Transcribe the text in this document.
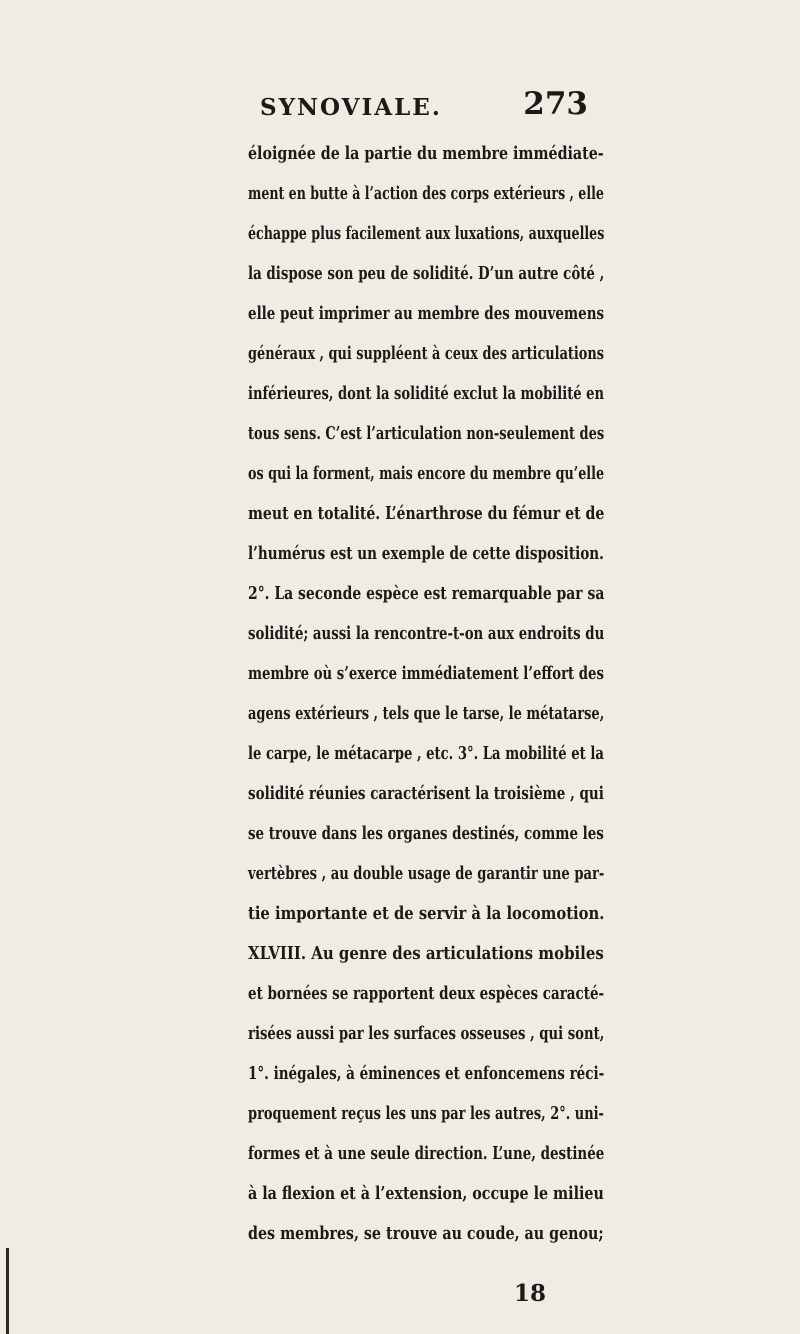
SYNOVIALE.	273
éloignée de la partie du membre immédiate-
ment en butte à l’action des corps extérieurs , elle
échappe plus facilement aux luxations, auxquelles
la dispose son peu de solidité. D’un autre côté ,
elle peut imprimer au membre des mouvemens
généraux , qui suppléent à ceux des articulations
inférieures, dont la solidité exclut la mobilité en
tous sens. C’est l’articulation non-seulement des
os qui la forment, mais encore du membre qu’elle
meut en totalité. L’énarthrose du fémur et de
l’humérus est un exemple de cette disposition.
2°. La seconde espèce est remarquable par sa
solidité; aussi la rencontre-t-on aux endroits du
membre où s’exerce immédiatement l’effort des
agens extérieurs , tels que le tarse, le métatarse,
le carpe, le métacarpe , etc. 3°. La mobilité et la
solidité réunies caractérisent la troisième , qui
se trouve dans les organes destinés, comme les
vertèbres , au double usage de garantir une par-
tie importante et de servir à la locomotion.
XLVIII. Au genre des articulations mobiles
et bornées se rapportent deux espèces caracté-
risées aussi par les surfaces osseuses , qui sont,
1°. inégales, à éminences et enfoncemens réci-
proquement reçus les uns par les autres, 2°. uni-
formes et à une seule direction. L’une, destinée
à la flexion et à l’extension, occupe le milieu
des membres, se trouve au coude, au genou;
18
